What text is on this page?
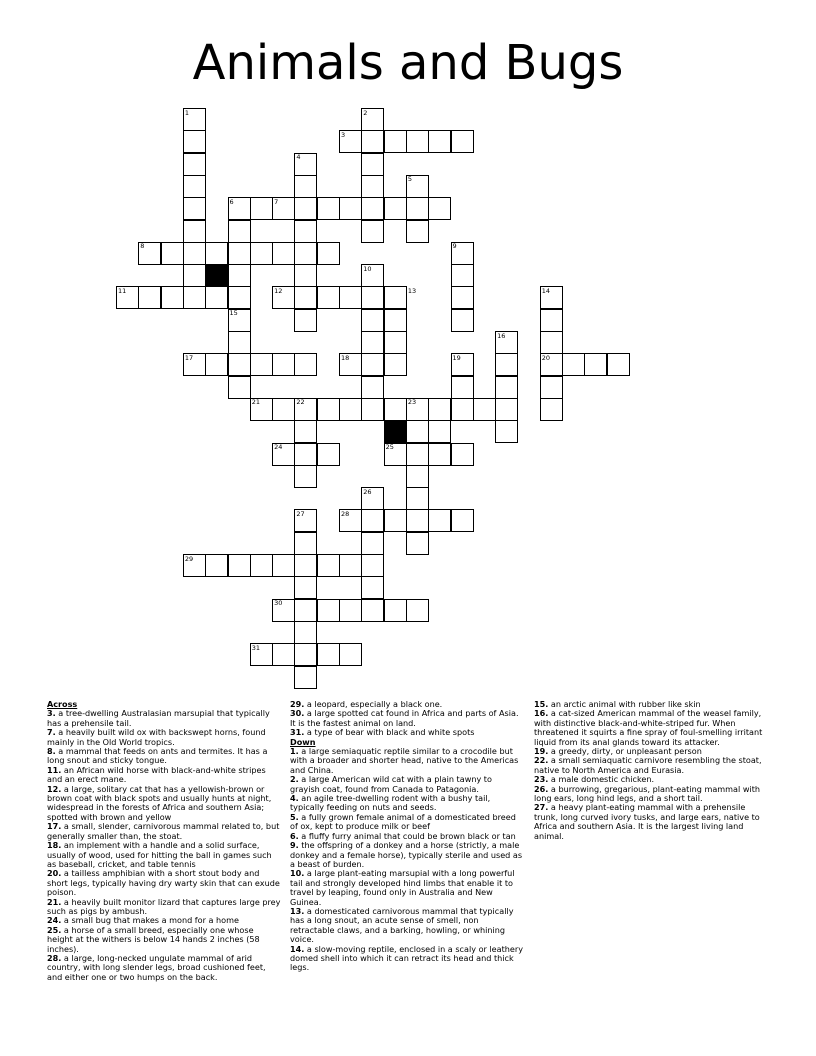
Animals and Bugs
1	2
3
4
5
6	7
8	9
10
11	12	13	14
15
16
17	18	19	20
21	22	23
24	25
26
27	28
29
30
31
Across
3. a tree-dwelling Australasian marsupial that typically has a prehensile tail.
7. a heavily built wild ox with backswept horns, found mainly in the Old World tropics.
8. a mammal that feeds on ants and termites. It has a long snout and sticky tongue.
11. an African wild horse with black-and-white stripes and an erect mane.
12. a large, solitary cat that has a yellowish-brown or brown coat with black spots and usually hunts at night, widespread in the forests of Africa and southern Asia; spotted with brown and yellow
17. a small, slender, carnivorous mammal related to, but generally smaller than, the stoat.
18. an implement with a handle and a solid surface, usually of wood, used for hitting the ball in games such as baseball, cricket, and table tennis
20. a tailless amphibian with a short stout body and short legs, typically having dry warty skin that can exude poison.
21. a heavily built monitor lizard that captures large prey such as pigs by ambush.
24. a small bug that makes a mond for a home
25. a horse of a small breed, especially one whose height at the withers is below 14 hands 2 inches (58 inches).
28. a large, long-necked ungulate mammal of arid country, with long slender legs, broad cushioned feet, and either one or two humps on the back.
29. a leopard, especially a black one.
30. a large spotted cat found in Africa and parts of Asia. It is the fastest animal on land.
31. a type of bear with black and white spots
Down
1. a large semiaquatic reptile similar to a crocodile but with a broader and shorter head, native to the Americas and China.
2. a large American wild cat with a plain tawny to grayish coat, found from Canada to Patagonia.
4. an agile tree-dwelling rodent with a bushy tail, typically feeding on nuts and seeds.
5. a fully grown female animal of a domesticated breed of ox, kept to produce milk or beef
6. a fluffy furry animal that could be brown black or tan
9. the offspring of a donkey and a horse (strictly, a male donkey and a female horse), typically sterile and used as a beast of burden.
10. a large plant-eating marsupial with a long powerful tail and strongly developed hind limbs that enable it to travel by leaping, found only in Australia and New Guinea.
13. a domesticated carnivorous mammal that typically has a long snout, an acute sense of smell, non retractable claws, and a barking, howling, or whining voice.
14. a slow-moving reptile, enclosed in a scaly or leathery domed shell into which it can retract its head and thick legs.
15. an arctic animal with rubber like skin
16. a cat-sized American mammal of the weasel family, with distinctive black-and-white-striped fur. When threatened it squirts a fine spray of foul-smelling irritant liquid from its anal glands toward its attacker.
19. a greedy, dirty, or unpleasant person
22. a small semiaquatic carnivore resembling the stoat, native to North America and Eurasia.
23. a male domestic chicken.
26. a burrowing, gregarious, plant-eating mammal with long ears, long hind legs, and a short tail.
27. a heavy plant-eating mammal with a prehensile trunk, long curved ivory tusks, and large ears, native to Africa and southern Asia. It is the largest living land animal.
